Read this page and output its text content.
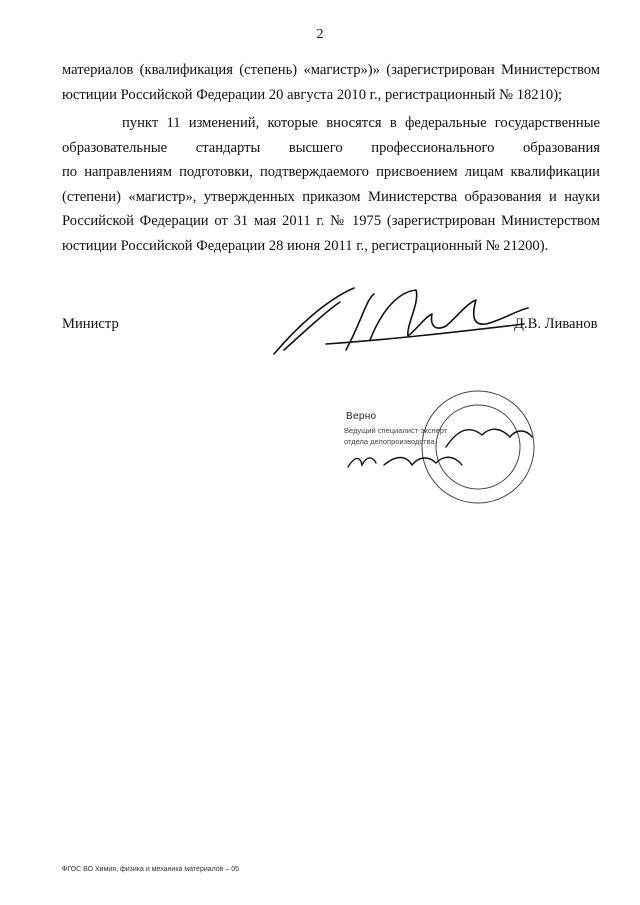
2
материалов (квалификация (степень) «магистр»)» (зарегистрирован Министерством
юстиции Российской Федерации 20 августа 2010 г., регистрационный № 18210);
пункт 11 изменений, которые вносятся в федеральные государственные
образовательные стандарты высшего профессионального образования
по направлениям подготовки, подтверждаемого присвоением лицам квалификации
(степени) «магистр», утвержденных приказом Министерства образования и науки
Российской Федерации от 31 мая 2011 г. № 1975 (зарегистрирован Министерством
юстиции Российской Федерации 28 июня 2011 г., регистрационный № 21200).
Министр	Д.В. Ливанов
Верно
Ведущий специалист-эксперт
отдела делопроизводства
ФГОС ВО Химия, физика и механика материалов – 05
